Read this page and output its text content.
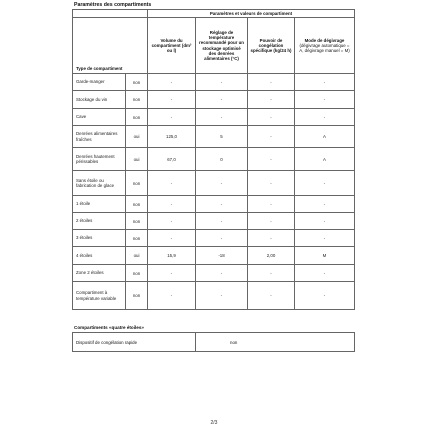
Paramètres des compartiments
		Paramètres et valeurs de compartiment			
Type de compartiment		Volume du compartiment (dm³ ou l)	Réglage de température recommandé pour un stockage optimisé des denrées alimentaires (°C)	Pouvoir de congélation spécifique (kg/24 h)	Mode de dégivrage
(dégivrage automatique = A, dégivrage manuel = M)
Garde-manger	non	-	-	-	-
Stockage du vin	non	-	-	-	-
Cave	non	-	-	-	-
Denrées alimentaires fraîches	oui	125,0	5	-	A
Denrées hautement périssables	oui	67,0	0	-	A
Sans étoile ou fabrication de glace	non	-	-	-	-
1 étoile	non	-	-	-	-
2 étoiles	non	-	-	-	-
3 étoiles	non	-	-	-	-
4 étoiles	oui	15,9	-18	2,00	M
Zone 2 étoiles	non	-	-	-	-
Compartiment à température variable	non	-	-	-	-
Compartiments «quatre étoiles»
Dispositif de congélation rapide	non
2/3
